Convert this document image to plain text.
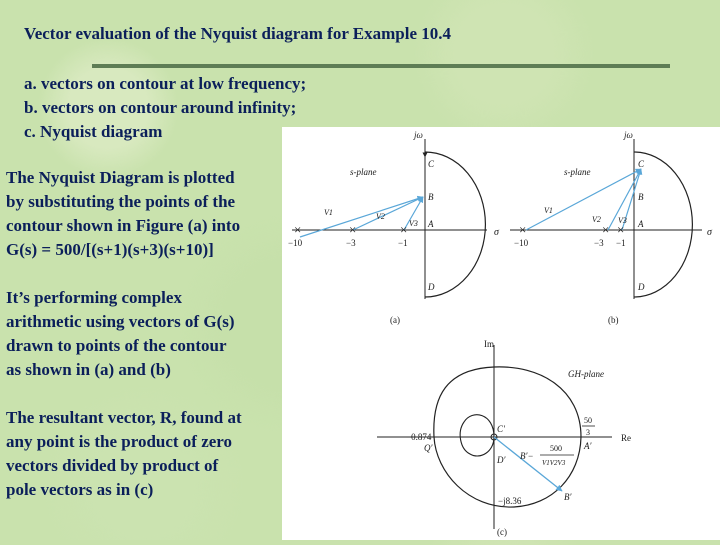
Vector evaluation of the Nyquist diagram for Example 10.4
a. vectors on contour at low frequency;
b. vectors on contour around infinity;
c. Nyquist diagram
The Nyquist Diagram is plotted
by substituting the points of the
contour shown in Figure (a) into
G(s) = 500/[(s+1)(s+3)(s+10)]
It’s performing complex
arithmetic using vectors of G(s)
drawn to points of the contour
as shown in (a) and (b)
The resultant vector, R, found at
any point is the product of zero
vectors divided by product of
pole vectors as in (c)
×	×	×
−10	−3	−1
jω
s-plane
σ
C
B
A
D
V1	V2
V3
(a)
×	× ×
−10	−3 −1
jω
s-plane
σ
C
B
A
D
V1
V2 V3
(b)
Im
Re
GH-plane
−0.874
−j8.36
50
3
C′
Q′
D′
A′
B′
B′−
500
V1V2V3
(c)
